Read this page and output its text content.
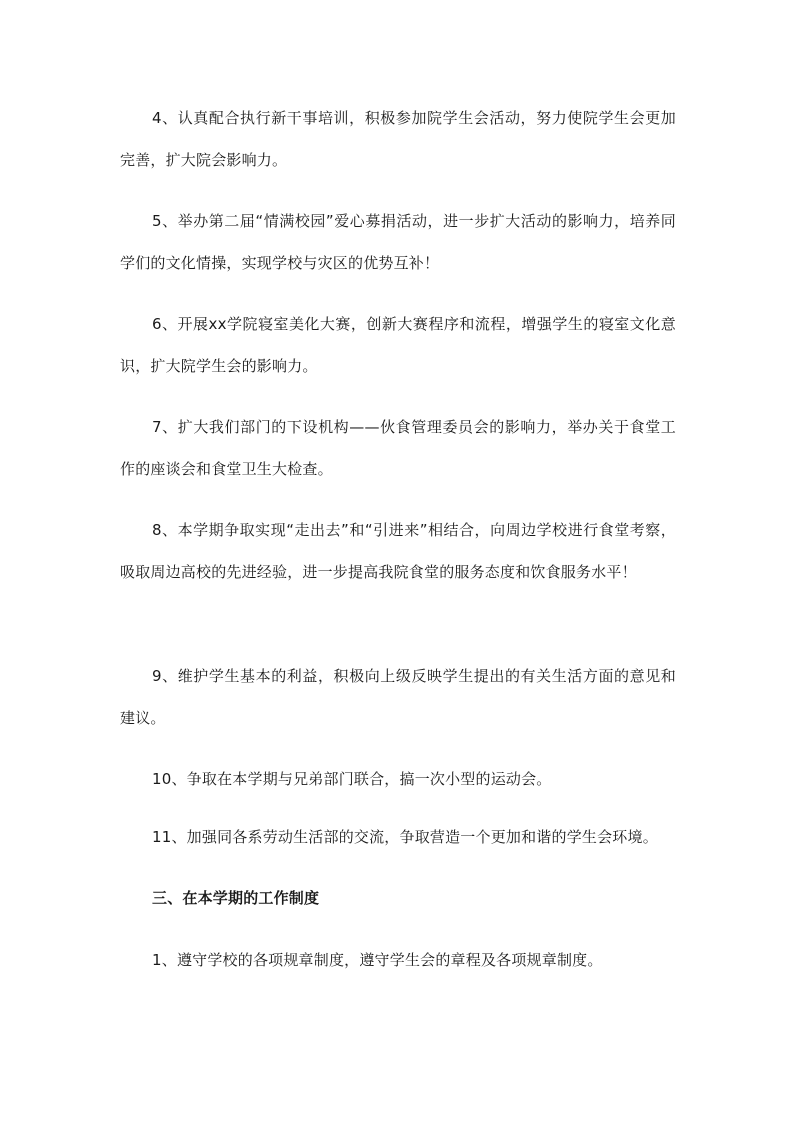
4、认真配合执行新干事培训，积极参加院学生会活动，努力使院学生会更加完善，扩大院会影响力。

5、举办第二届“情满校园”爱心募捐活动，进一步扩大活动的影响力，培养同学们的文化情操，实现学校与灾区的优势互补！

6、开展xx学院寝室美化大赛，创新大赛程序和流程，增强学生的寝室文化意识，扩大院学生会的影响力。

7、扩大我们部门的下设机构——伙食管理委员会的影响力，举办关于食堂工作的座谈会和食堂卫生大检查。

8、本学期争取实现“走出去”和“引进来”相结合，向周边学校进行食堂考察，吸取周边高校的先进经验，进一步提高我院食堂的服务态度和饮食服务水平！

9、维护学生基本的利益，积极向上级反映学生提出的有关生活方面的意见和建议。

10、争取在本学期与兄弟部门联合，搞一次小型的运动会。

11、加强同各系劳动生活部的交流，争取营造一个更加和谐的学生会环境。

三、在本学期的工作制度

1、遵守学校的各项规章制度，遵守学生会的章程及各项规章制度。
